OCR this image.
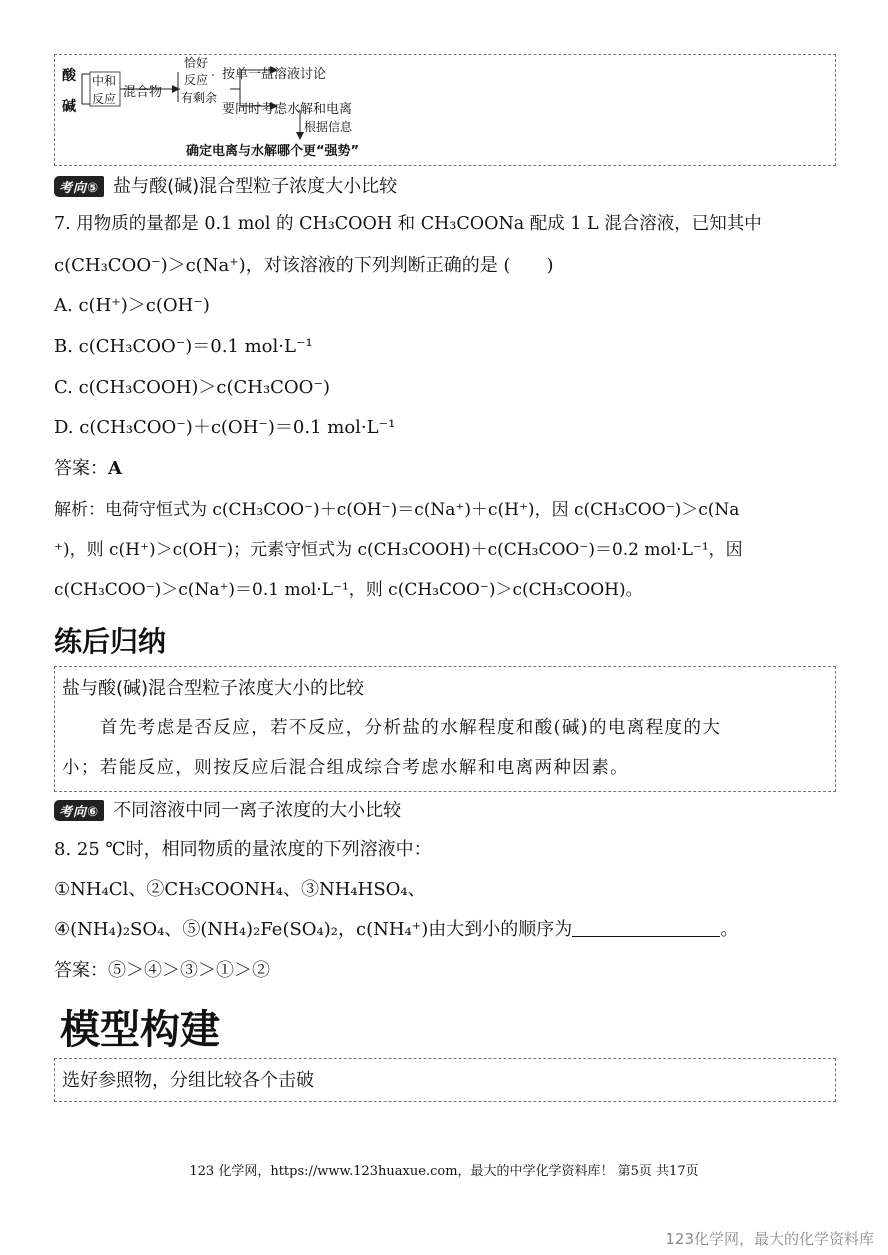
酸
碱
中和
反应 混合物
恰好
反应
有剩余
按单一盐溶液讨论
要同时考虑水解和电离
根据信息
确定电离与水解哪个更“强势”
考向⑤ 盐与酸(碱)混合型粒子浓度大小比较
7. 用物质的量都是 0.1 mol 的 CH₃COOH 和 CH₃COONa 配成 1 L 混合溶液，已知其中
c(CH₃COO⁻)＞c(Na⁺)，对该溶液的下列判断正确的是 (　　)
A. c(H⁺)＞c(OH⁻)
B. c(CH₃COO⁻)＝0.1 mol·L⁻¹
C. c(CH₃COOH)＞c(CH₃COO⁻)
D. c(CH₃COO⁻)＋c(OH⁻)＝0.1 mol·L⁻¹
答案：A
解析：电荷守恒式为 c(CH₃COO⁻)＋c(OH⁻)＝c(Na⁺)＋c(H⁺)，因 c(CH₃COO⁻)＞c(Na
⁺)，则 c(H⁺)＞c(OH⁻)；元素守恒式为 c(CH₃COOH)＋c(CH₃COO⁻)＝0.2 mol·L⁻¹，因
c(CH₃COO⁻)＞c(Na⁺)＝0.1 mol·L⁻¹，则 c(CH₃COO⁻)＞c(CH₃COOH)。
练后归纳
盐与酸(碱)混合型粒子浓度大小的比较
首先考虑是否反应，若不反应，分析盐的水解程度和酸(碱)的电离程度的大
小；若能反应，则按反应后混合组成综合考虑水解和电离两种因素。
考向⑥ 不同溶液中同一离子浓度的大小比较
8. 25 ℃时，相同物质的量浓度的下列溶液中：
①NH₄Cl、②CH₃COONH₄、③NH₄HSO₄、
④(NH₄)₂SO₄、⑤(NH₄)₂Fe(SO₄)₂，c(NH₄⁺)由大到小的顺序为	。
答案：⑤＞④＞③＞①＞②
模型构建
选好参照物，分组比较各个击破
123 化学网，https://www.123huaxue.com，最大的中学化学资料库！ 第5页 共17页
123化学网，最大的化学资料库
